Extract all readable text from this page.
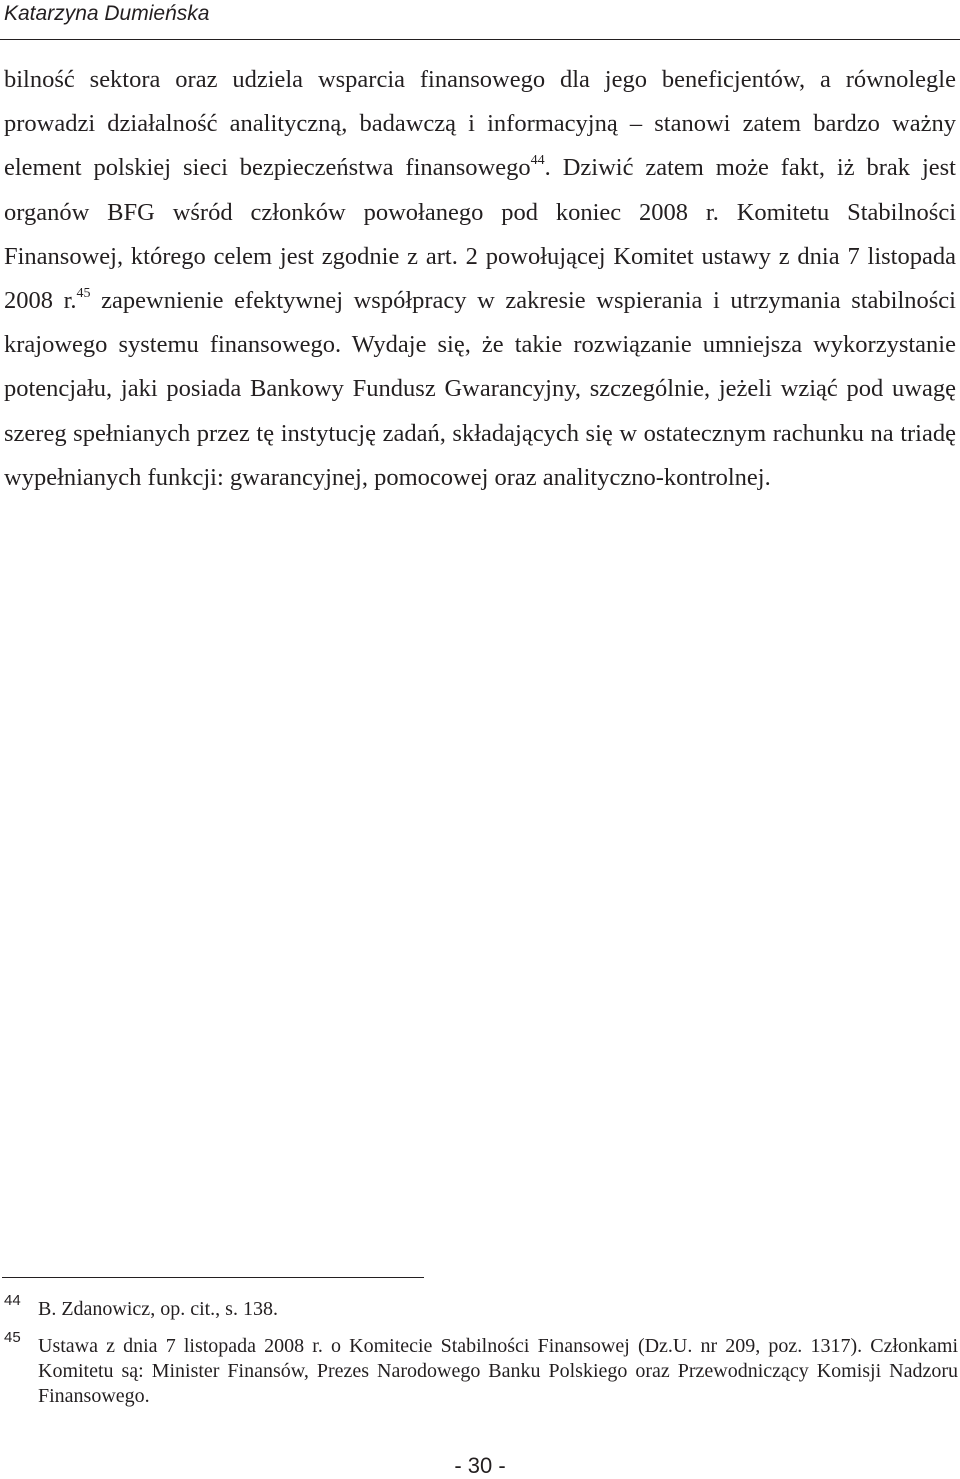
Katarzyna Dumieńska

bilność sektora oraz udziela wsparcia finansowego dla jego beneficjentów, a równolegle prowadzi działalność analityczną, badawczą i informacyjną – stanowi zatem bardzo ważny element polskiej sieci bezpieczeństwa finansowego$^{44}$. Dziwić zatem może fakt, iż brak jest organów BFG wśród członków powołanego pod koniec 2008 r. Komitetu Stabilności Finansowej, którego celem jest zgodnie z art. 2 powołującej Komitet ustawy z dnia 7 listopada 2008 r.$^{45}$ zapewnienie efektywnej współpracy w zakresie wspierania i utrzymania stabilności krajowego systemu finansowego. Wydaje się, że takie rozwiązanie umniejsza wykorzystanie potencjału, jaki posiada Bankowy Fundusz Gwarancyjny, szczególnie, jeżeli wziąć pod uwagę szereg spełnianych przez tę instytucję zadań, składających się w ostatecznym rachunku na triadę wypełnianych funkcji: gwarancyjnej, pomocowej oraz analityczno-kontrolnej.

44 B. Zdanowicz, op. cit., s. 138.

45 Ustawa z dnia 7 listopada 2008 r. o Komitecie Stabilności Finansowej (Dz.U. nr 209, poz. 1317). Członkami Komitetu są: Minister Finansów, Prezes Narodowego Banku Polskiego oraz Przewodniczący Komisji Nadzoru Finansowego.

- 30 -
